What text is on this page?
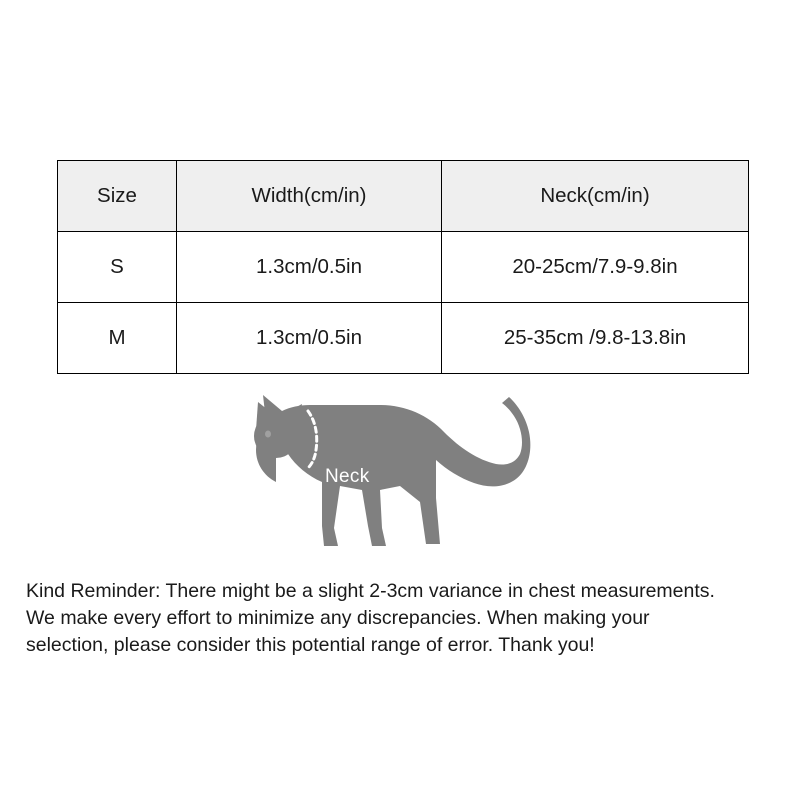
Size	Width(cm/in)	Neck(cm/in)
S	1.3cm/0.5in	20-25cm/7.9-9.8in
M	1.3cm/0.5in	25-35cm /9.8-13.8in
Neck

Kind Reminder: There might be a slight 2-3cm variance in chest measurements.

We make every effort to minimize any discrepancies. When making your

selection, please consider this potential range of error. Thank you!
